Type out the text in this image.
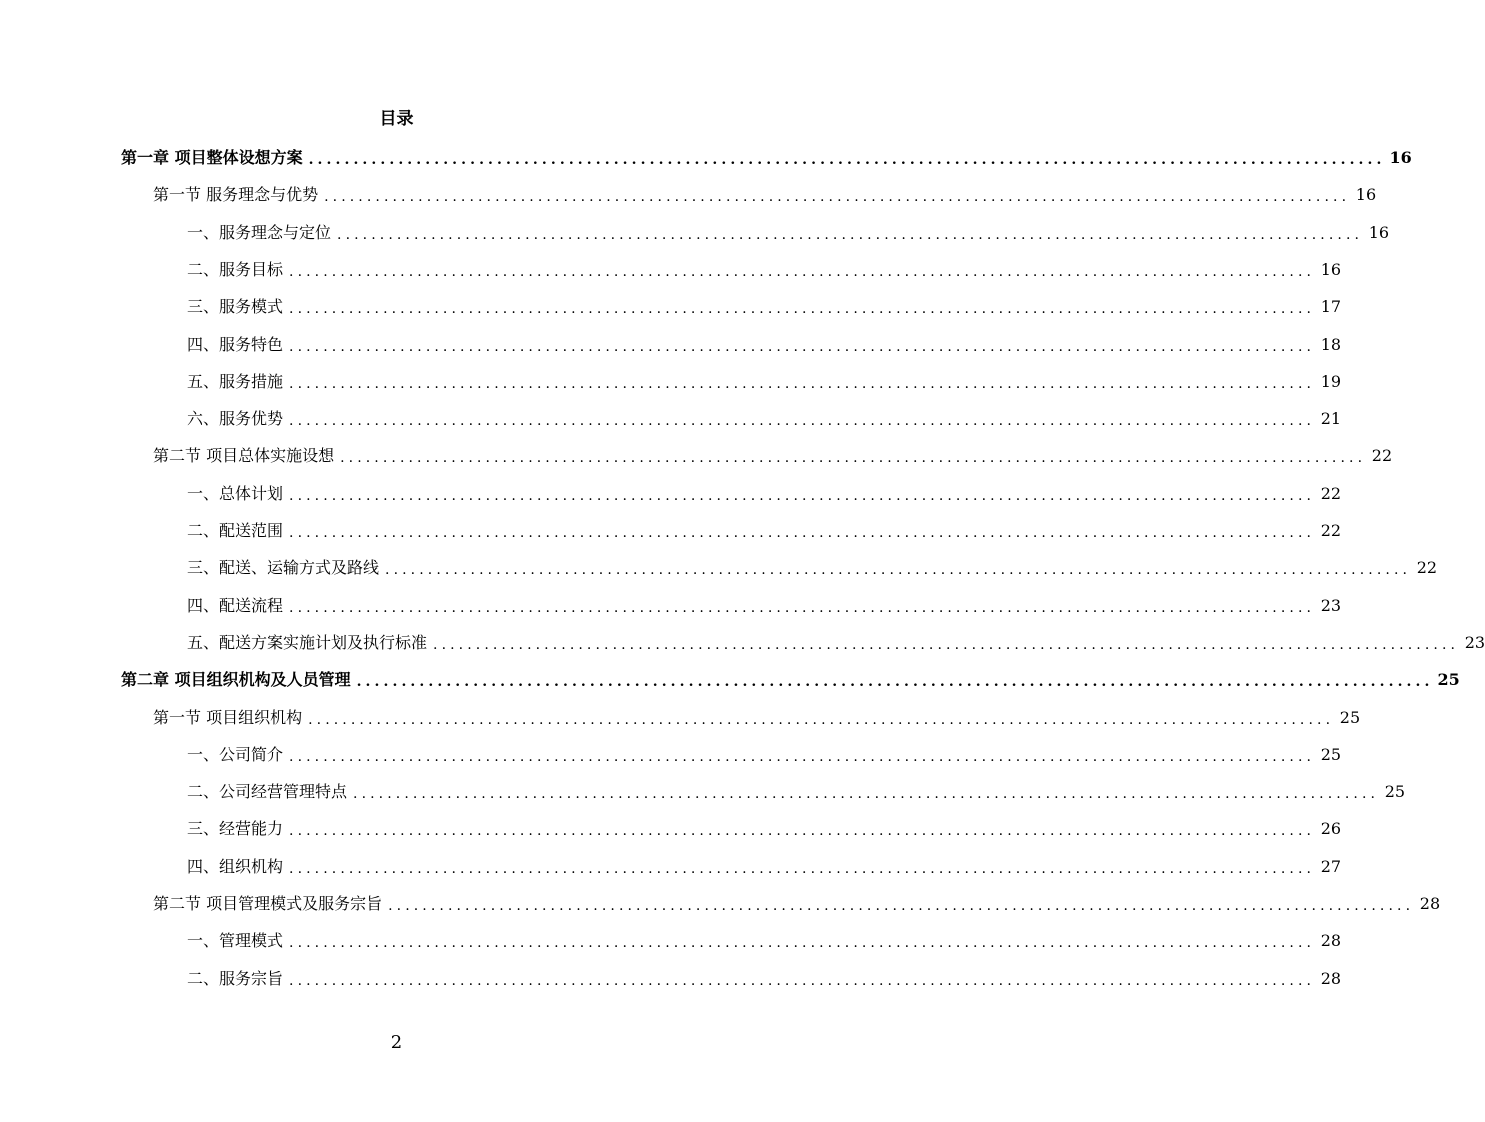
目录
第一章 项目整体设想方案 ........................................................................................................................ 16
第一节 服务理念与优势 ........................................................................................................................ 16
一、服务理念与定位 ........................................................................................................................ 16
二、服务目标 ........................................................................................................................ 16
三、服务模式 ........................................................................................................................ 17
四、服务特色 ........................................................................................................................ 18
五、服务措施 ........................................................................................................................ 19
六、服务优势 ........................................................................................................................ 21
第二节 项目总体实施设想 ........................................................................................................................ 22
一、总体计划 ........................................................................................................................ 22
二、配送范围 ........................................................................................................................ 22
三、配送、运输方式及路线 ........................................................................................................................ 22
四、配送流程 ........................................................................................................................ 23
五、配送方案实施计划及执行标准 ........................................................................................................................ 23
第二章 项目组织机构及人员管理 ........................................................................................................................ 25
第一节 项目组织机构 ........................................................................................................................ 25
一、公司简介 ........................................................................................................................ 25
二、公司经营管理特点 ........................................................................................................................ 25
三、经营能力 ........................................................................................................................ 26
四、组织机构 ........................................................................................................................ 27
第二节 项目管理模式及服务宗旨 ........................................................................................................................ 28
一、管理模式 ........................................................................................................................ 28
二、服务宗旨 ........................................................................................................................ 28
2
